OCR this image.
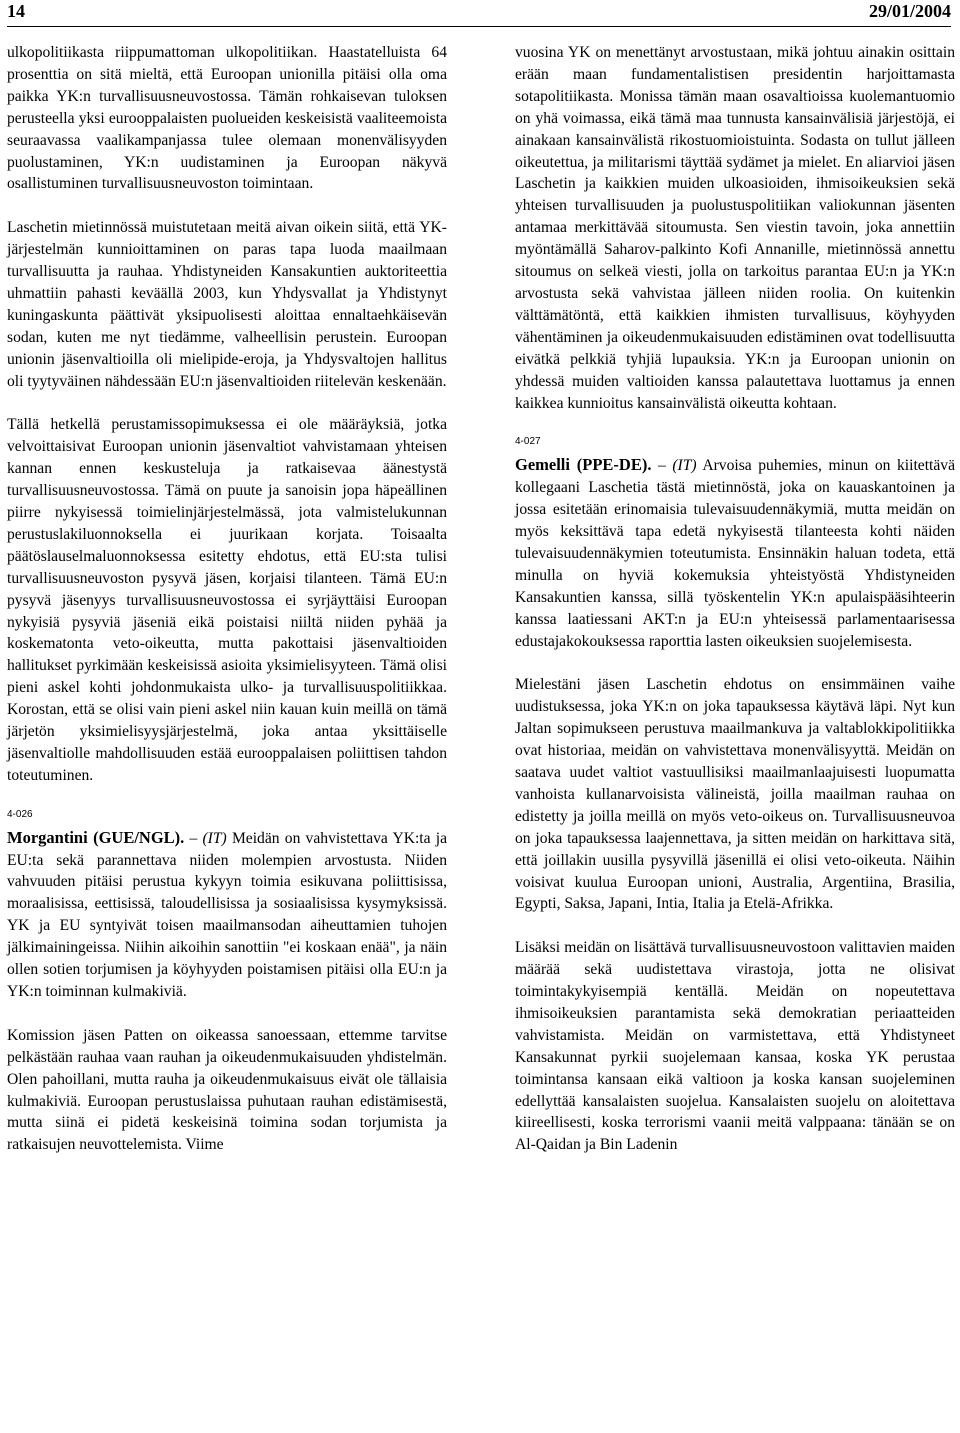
14	29/01/2004

ulkopolitiikasta riippumattoman ulkopolitiikan. Haastatelluista 64 prosenttia on sitä mieltä, että Euroopan unionilla pitäisi olla oma paikka YK:n turvallisuusneuvostossa. Tämän rohkaisevan tuloksen perusteella yksi eurooppalaisten puolueiden keskeisistä vaaliteemoista seuraavassa vaalikampanjassa tulee olemaan monenvälisyyden puolustaminen, YK:n uudistaminen ja Euroopan näkyvä osallistuminen turvallisuusneuvoston toimintaan.

Laschetin mietinnössä muistutetaan meitä aivan oikein siitä, että YK-järjestelmän kunnioittaminen on paras tapa luoda maailmaan turvallisuutta ja rauhaa. Yhdistyneiden Kansakuntien auktoriteettia uhmattiin pahasti keväällä 2003, kun Yhdysvallat ja Yhdistynyt kuningaskunta päättivät yksipuolisesti aloittaa ennaltaehkäisevän sodan, kuten me nyt tiedämme, valheellisin perustein. Euroopan unionin jäsenvaltioilla oli mielipide-eroja, ja Yhdysvaltojen hallitus oli tyytyväinen nähdessään EU:n jäsenvaltioiden riitelevän keskenään.

Tällä hetkellä perustamissopimuksessa ei ole määräyksiä, jotka velvoittaisivat Euroopan unionin jäsenvaltiot vahvistamaan yhteisen kannan ennen keskusteluja ja ratkaisevaa äänestystä turvallisuusneuvostossa. Tämä on puute ja sanoisin jopa häpeällinen piirre nykyisessä toimielinjärjestelmässä, jota valmistelukunnan perustuslakiluonnoksella ei juurikaan korjata. Toisaalta päätöslauselmaluonnoksessa esitetty ehdotus, että EU:sta tulisi turvallisuusneuvoston pysyvä jäsen, korjaisi tilanteen. Tämä EU:n pysyvä jäsenyys turvallisuusneuvostossa ei syrjäyttäisi Euroopan nykyisiä pysyviä jäseniä eikä poistaisi niiltä niiden pyhää ja koskematonta veto-oikeutta, mutta pakottaisi jäsenvaltioiden hallitukset pyrkimään keskeisissä asioita yksimielisyyteen. Tämä olisi pieni askel kohti johdonmukaista ulko- ja turvallisuuspolitiikkaa. Korostan, että se olisi vain pieni askel niin kauan kuin meillä on tämä järjetön yksimielisyysjärjestelmä, joka antaa yksittäiselle jäsenvaltiolle mahdollisuuden estää eurooppalaisen poliittisen tahdon toteutuminen.

4-026

Morgantini (GUE/NGL). – (IT) Meidän on vahvistettava YK:ta ja EU:ta sekä parannettava niiden molempien arvostusta. Niiden vahvuuden pitäisi perustua kykyyn toimia esikuvana poliittisissa, moraalisissa, eettisissä, taloudellisissa ja sosiaalisissa kysymyksissä. YK ja EU syntyivät toisen maailmansodan aiheuttamien tuhojen jälkimainingeissa. Niihin aikoihin sanottiin "ei koskaan enää", ja näin ollen sotien torjumisen ja köyhyyden poistamisen pitäisi olla EU:n ja YK:n toiminnan kulmakiviä.

Komission jäsen Patten on oikeassa sanoessaan, ettemme tarvitse pelkästään rauhaa vaan rauhan ja oikeudenmukaisuuden yhdistelmän. Olen pahoillani, mutta rauha ja oikeudenmukaisuus eivät ole tällaisia kulmakiviä. Euroopan perustuslaissa puhutaan rauhan edistämisestä, mutta siinä ei pidetä keskeisinä toimina sodan torjumista ja ratkaisujen neuvottelemista. Viime

vuosina YK on menettänyt arvostustaan, mikä johtuu ainakin osittain erään maan fundamentalistisen presidentin harjoittamasta sotapolitiikasta. Monissa tämän maan osavaltioissa kuolemantuomio on yhä voimassa, eikä tämä maa tunnusta kansainvälisiä järjestöjä, ei ainakaan kansainvälistä rikostuomioistuinta. Sodasta on tullut jälleen oikeutettua, ja militarismi täyttää sydämet ja mielet. En aliarvioi jäsen Laschetin ja kaikkien muiden ulkoasioiden, ihmisoikeuksien sekä yhteisen turvallisuuden ja puolustuspolitiikan valiokunnan jäsenten antamaa merkittävää sitoumusta. Sen viestin tavoin, joka annettiin myöntämällä Saharov-palkinto Kofi Annanille, mietinnössä annettu sitoumus on selkeä viesti, jolla on tarkoitus parantaa EU:n ja YK:n arvostusta sekä vahvistaa jälleen niiden roolia. On kuitenkin välttämätöntä, että kaikkien ihmisten turvallisuus, köyhyyden vähentäminen ja oikeudenmukaisuuden edistäminen ovat todellisuutta eivätkä pelkkiä tyhjiä lupauksia. YK:n ja Euroopan unionin on yhdessä muiden valtioiden kanssa palautettava luottamus ja ennen kaikkea kunnioitus kansainvälistä oikeutta kohtaan.

4-027

Gemelli (PPE-DE). – (IT) Arvoisa puhemies, minun on kiitettävä kollegaani Laschetia tästä mietinnöstä, joka on kauaskantoinen ja jossa esitetään erinomaisia tulevaisuudennäkymiä, mutta meidän on myös keksittävä tapa edetä nykyisestä tilanteesta kohti näiden tulevaisuudennäkymien toteutumista. Ensinnäkin haluan todeta, että minulla on hyviä kokemuksia yhteistyöstä Yhdistyneiden Kansakuntien kanssa, sillä työskentelin YK:n apulaispääsihteerin kanssa laatiessani AKT:n ja EU:n yhteisessä parlamentaarisessa edustajakokouksessa raporttia lasten oikeuksien suojelemisesta.

Mielestäni jäsen Laschetin ehdotus on ensimmäinen vaihe uudistuksessa, joka YK:n on joka tapauksessa käytävä läpi. Nyt kun Jaltan sopimukseen perustuva maailmankuva ja valtablokkipolitiikka ovat historiaa, meidän on vahvistettava monenvälisyyttä. Meidän on saatava uudet valtiot vastuullisiksi maailmanlaajuisesti luopumatta vanhoista kullanarvoisista välineistä, joilla maailman rauhaa on edistetty ja joilla meillä on myös veto-oikeus on. Turvallisuusneuvoa on joka tapauksessa laajennettava, ja sitten meidän on harkittava sitä, että joillakin uusilla pysyvillä jäsenillä ei olisi veto-oikeuta. Näihin voisivat kuulua Euroopan unioni, Australia, Argentiina, Brasilia, Egypti, Saksa, Japani, Intia, Italia ja Etelä-Afrikka.

Lisäksi meidän on lisättävä turvallisuusneuvostoon valittavien maiden määrää sekä uudistettava virastoja, jotta ne olisivat toimintakykyisempiä kentällä. Meidän on nopeutettava ihmisoikeuksien parantamista sekä demokratian periaatteiden vahvistamista. Meidän on varmistettava, että Yhdistyneet Kansakunnat pyrkii suojelemaan kansaa, koska YK perustaa toimintansa kansaan eikä valtioon ja koska kansan suojeleminen edellyttää kansalaisten suojelua. Kansalaisten suojelu on aloitettava kiireellisesti, koska terrorismi vaanii meitä valppaana: tänään se on Al-Qaidan ja Bin Ladenin
